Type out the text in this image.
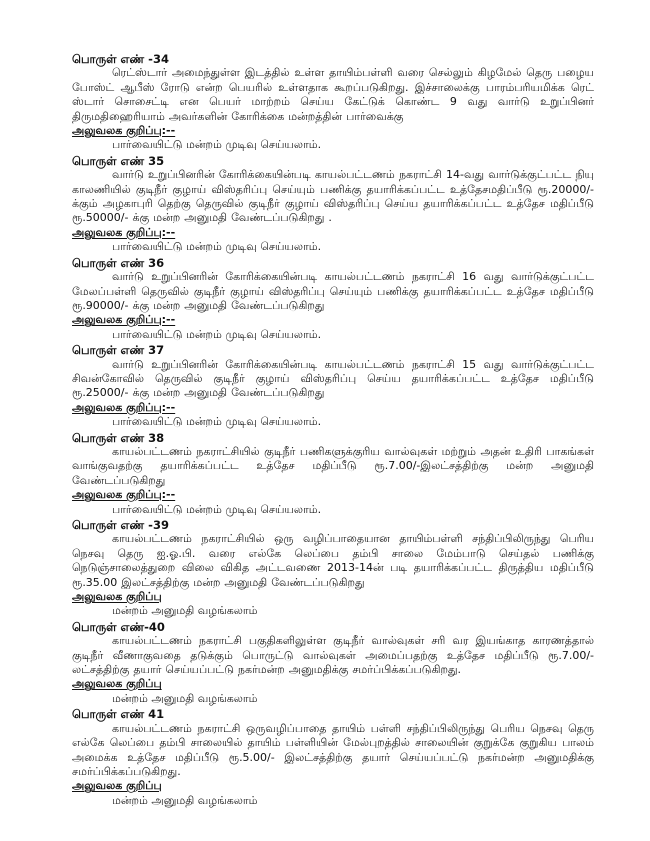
பொருள் எண் -34
ரெட்ஸ்டார் அமைந்துள்ள இடத்தில் உள்ள தாயிம்பள்ளி வரை செல்லும் கிழமேல் தெரு பழைய போஸ்ட் ஆபீஸ் ரோடு என்ற பெயரில் உள்ளதாக கூறப்படுகிறது. இச்சாலைக்கு பாரம்பரியமிக்க ரெட் ஸ்டார் சொசைட்டி என பெயர் மாற்றம் செய்ய கேட்டுக் கொண்ட 9 வது வார்டு உறுப்பினர் திருமதிஹைரியாம் அவர்களின் கோரிக்கை மன்றத்தின் பார்வைக்கு
அலுவலக குறிப்பு:--
பார்வையிட்டு மன்றம் முடிவு செய்யலாம்.
பொருள் எண் 35
வார்டு உறுப்பினரின் கோரிக்கையின்படி காயல்பட்டணம் நகராட்சி 14-வது வார்டுக்குட்பட்ட நியு காலணியில் குடிநீர் குழாய் விஸ்தரிப்பு செய்யும் பணிக்கு தயாரிக்கப்பட்ட உத்தேசமதிப்பீடு ரூ.20000/- க்கும் அழகாபுரி தெற்கு தெருவில் குடிநீர் குழாய் விஸ்தரிப்பு செய்ய தயாரிக்கப்பட்ட உத்தேச மதிப்பீடு ரூ.50000/- க்கு மன்ற அனுமதி வேண்டப்படுகிறது .
அலுவலக குறிப்பு:--
பார்வையிட்டு மன்றம் முடிவு செய்யலாம்.
பொருள் எண் 36
வார்டு உறுப்பினரின் கோரிக்கையின்படி காயல்பட்டணம் நகராட்சி 16 வது வார்டுக்குட்பட்ட மேலப்பள்ளி தெருவில் குடிநீர் குழாய் விஸ்தரிப்பு செய்யும் பணிக்கு தயாரிக்கப்பட்ட உத்தேச மதிப்பீடு ரூ.90000/- க்கு மன்ற அனுமதி வேண்டப்படுகிறது
அலுவலக குறிப்பு:--
பார்வையிட்டு மன்றம் முடிவு செய்யலாம்.
பொருள் எண் 37
வார்டு உறுப்பினரின் கோரிக்கையின்படி காயல்பட்டணம் நகராட்சி 15 வது வார்டுக்குட்பட்ட சிவன்கோவில் தெருவில் குடிநீர் குழாய் விஸ்தரிப்பு செய்ய தயாரிக்கப்பட்ட உத்தேச மதிப்பீடு ரூ.25000/- க்கு மன்ற அனுமதி வேண்டப்படுகிறது
அலுவலக குறிப்பு:--
பார்வையிட்டு மன்றம் முடிவு செய்யலாம்.
பொருள் எண் 38
காயல்பட்டணம் நகராட்சியில் குடிநீர் பணிகளுக்குரிய வால்வுகள் மற்றும் அதன் உதிரி பாகங்கள் வாங்குவதற்கு தயாரிக்கப்பட்ட உத்தேச மதிப்பீடு ரூ.7.00/-இலட்சத்திற்கு மன்ற அனுமதி வேண்டப்படுகிறது
அலுவலக குறிப்பு:--
பார்வையிட்டு மன்றம் முடிவு செய்யலாம்.
பொருள் எண் -39
காயல்பட்டணம் நகராட்சியில் ஒரு வழிப்பாதையான தாயிம்பள்ளி சந்திப்பிலிருந்து பெரிய நெசவு தெரு ஐ.ஓ.பி. வரை எல்கே லெப்பை தம்பி சாலை மேம்பாடு செய்தல் பணிக்கு நெடுஞ்சாலைத்துறை விலை விகித அட்டவணை 2013-14ன் படி தயாரிக்கப்பட்ட திருத்திய மதிப்பீடு ரூ.35.00 இலட்சத்திற்கு மன்ற அனுமதி வேண்டப்படுகிறது
அலுவலக குறிப்பு
மன்றம் அனுமதி வழங்கலாம்
பொருள் எண்-40
காயல்பட்டணம் நகராட்சி பகுதிகளிலுள்ள குடிநீர் வால்வுகள் சரி வர இயங்காத காரணத்தால் குடிநீர் வீணாகுவதை தடுக்கும் பொருட்டு வால்வுகள் அமைப்பதற்கு உத்தேச மதிப்பீடு ரூ.7.00/- லட்சத்திற்கு தயார் செய்யப்பட்டு நகர்மன்ற அனுமதிக்கு சமர்ப்பிக்கப்படுகிறது.
அலுவலக குறிப்பு
மன்றம் அனுமதி வழங்கலாம்
பொருள் எண் 41
காயல்பட்டணம் நகராட்சி ஒருவழிப்பாதை தாயிம் பள்ளி சந்திப்பிலிருந்து பெரிய நெசவு தெரு எல்கே லெப்பை தம்பி சாலையில் தாயிம் பள்ளியின் மேல்புறத்தில் சாலையின் குறுக்கே குறுகிய பாலம் அமைக்க உத்தேச மதிப்பீடு ரூ.5.00/- இலட்சத்திற்கு தயார் செய்யப்பட்டு நகர்மன்ற அனுமதிக்கு சமர்ப்பிக்கப்படுகிறது.
அலுவலக குறிப்பு
மன்றம் அனுமதி வழங்கலாம்
